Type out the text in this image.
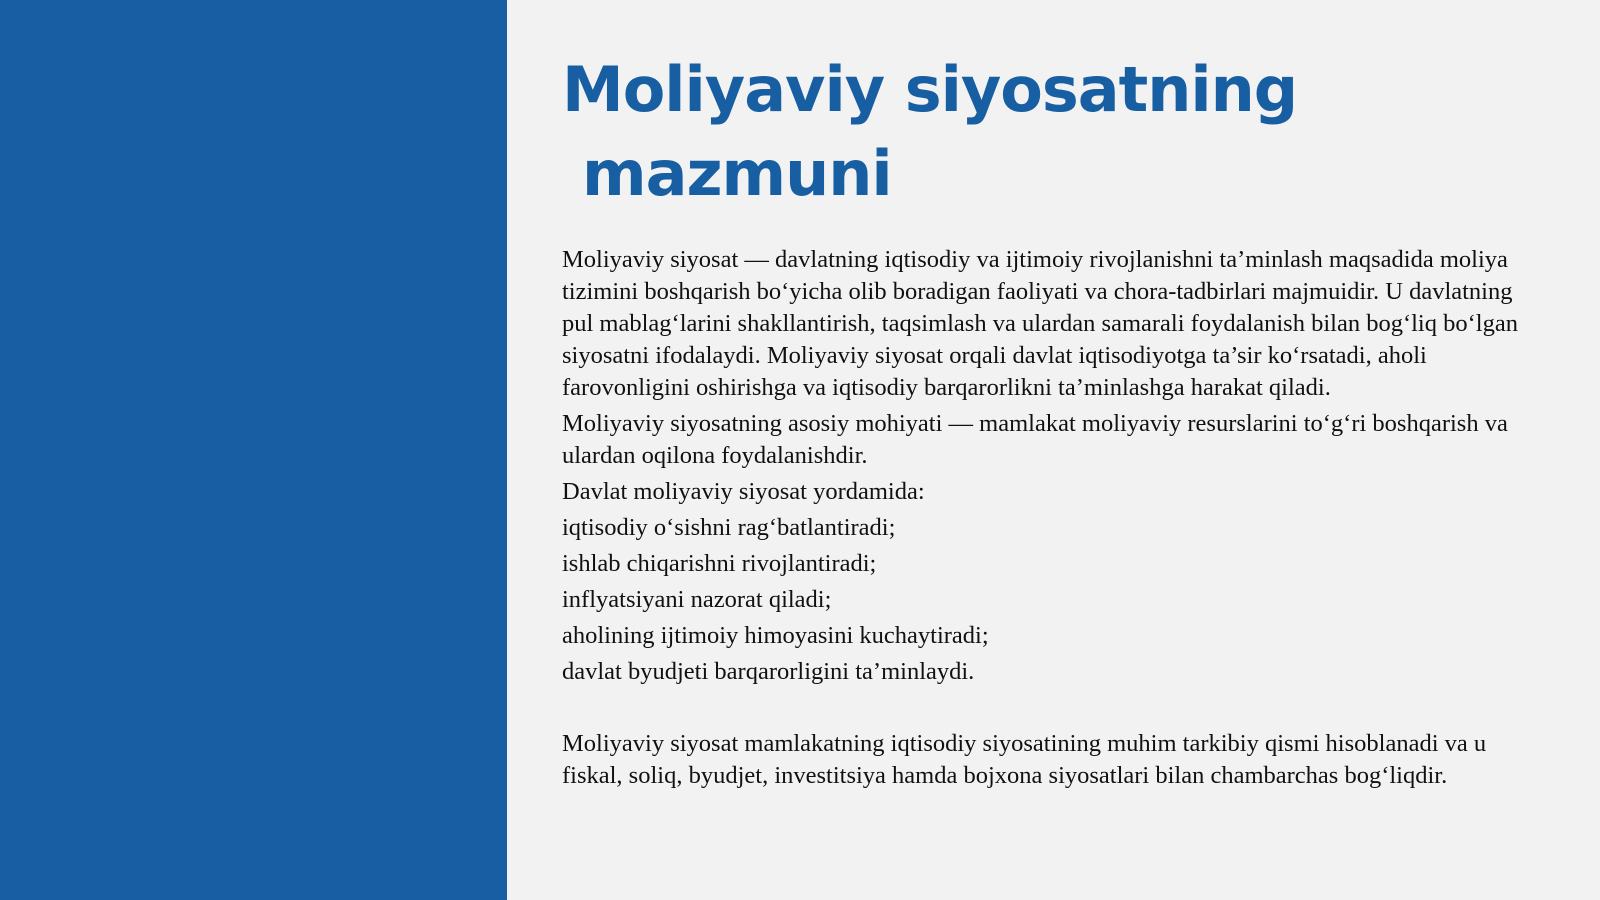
Moliyaviy siyosatning
mazmuni

Moliyaviy siyosat — davlatning iqtisodiy va ijtimoiy rivojlanishni ta’minlash maqsadida moliya tizimini boshqarish bo‘yicha olib boradigan faoliyati va chora-tadbirlari majmuidir. U davlatning pul mablag‘larini shakllantirish, taqsimlash va ulardan samarali foydalanish bilan bog‘liq bo‘lgan siyosatni ifodalaydi. Moliyaviy siyosat orqali davlat iqtisodiyotga ta’sir ko‘rsatadi, aholi farovonligini oshirishga va iqtisodiy barqarorlikni ta’minlashga harakat qiladi.

Moliyaviy siyosatning asosiy mohiyati — mamlakat moliyaviy resurslarini to‘g‘ri boshqarish va ulardan oqilona foydalanishdir.

Davlat moliyaviy siyosat yordamida:

iqtisodiy o‘sishni rag‘batlantiradi;
ishlab chiqarishni rivojlantiradi;
inflyatsiyani nazorat qiladi;
aholining ijtimoiy himoyasini kuchaytiradi;
davlat byudjeti barqarorligini ta’minlaydi.

Moliyaviy siyosat mamlakatning iqtisodiy siyosatining muhim tarkibiy qismi hisoblanadi va u fiskal, soliq, byudjet, investitsiya hamda bojxona siyosatlari bilan chambarchas bog‘liqdir.
